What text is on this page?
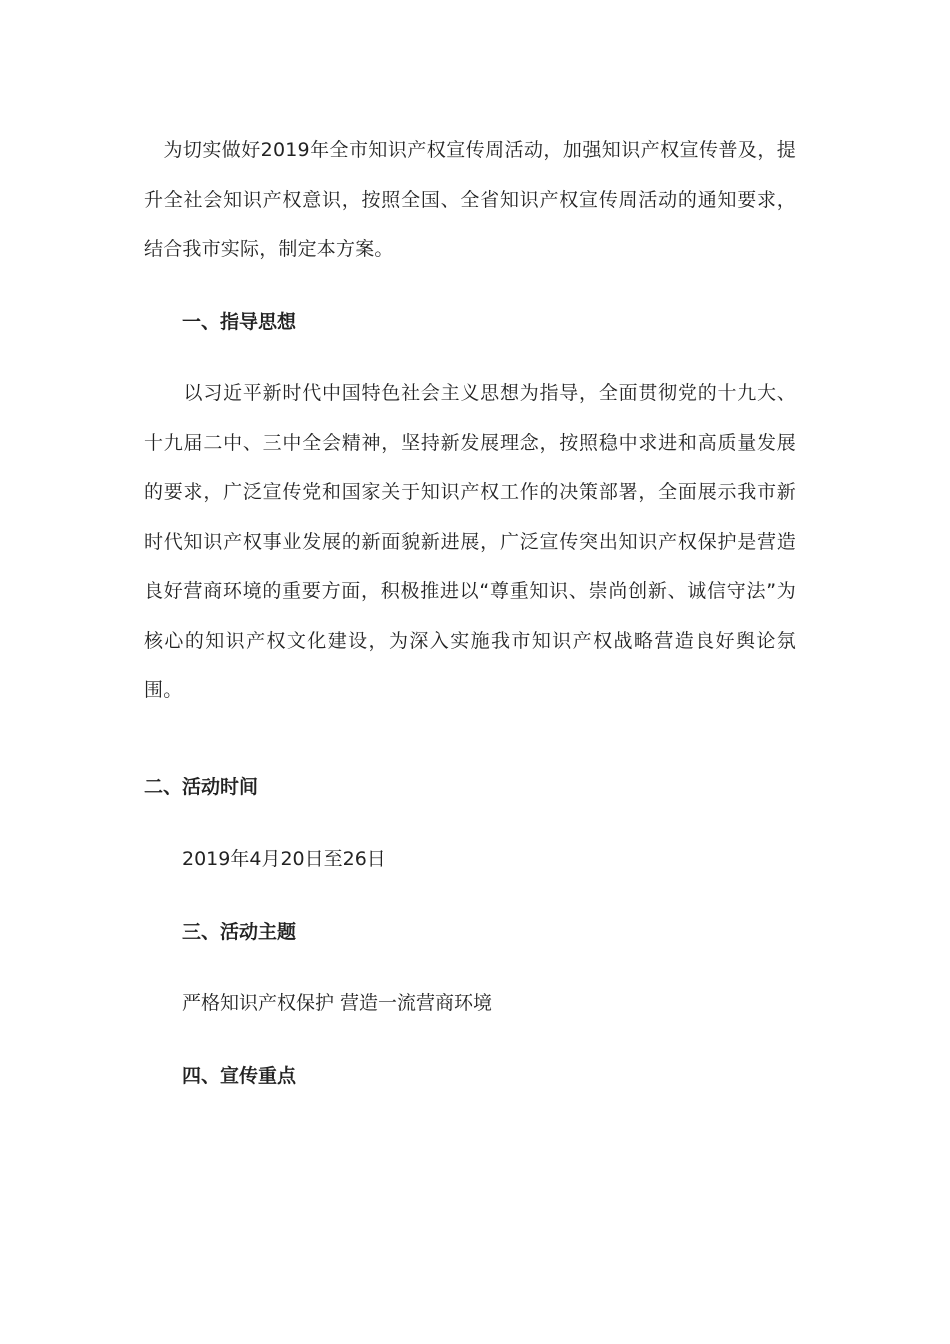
　为切实做好2019年全市知识产权宣传周活动，加强知识产权宣传普及，提升全社会知识产权意识，按照全国、全省知识产权宣传周活动的通知要求，结合我市实际，制定本方案。

一、指导思想

　　以习近平新时代中国特色社会主义思想为指导，全面贯彻党的十九大、十九届二中、三中全会精神，坚持新发展理念，按照稳中求进和高质量发展的要求，广泛宣传党和国家关于知识产权工作的决策部署，全面展示我市新时代知识产权事业发展的新面貌新进展，广泛宣传突出知识产权保护是营造良好营商环境的重要方面，积极推进以“尊重知识、崇尚创新、诚信守法”为核心的知识产权文化建设，为深入实施我市知识产权战略营造良好舆论氛围。

二、活动时间

2019年4月20日至26日

三、活动主题

严格知识产权保护 营造一流营商环境

四、宣传重点
